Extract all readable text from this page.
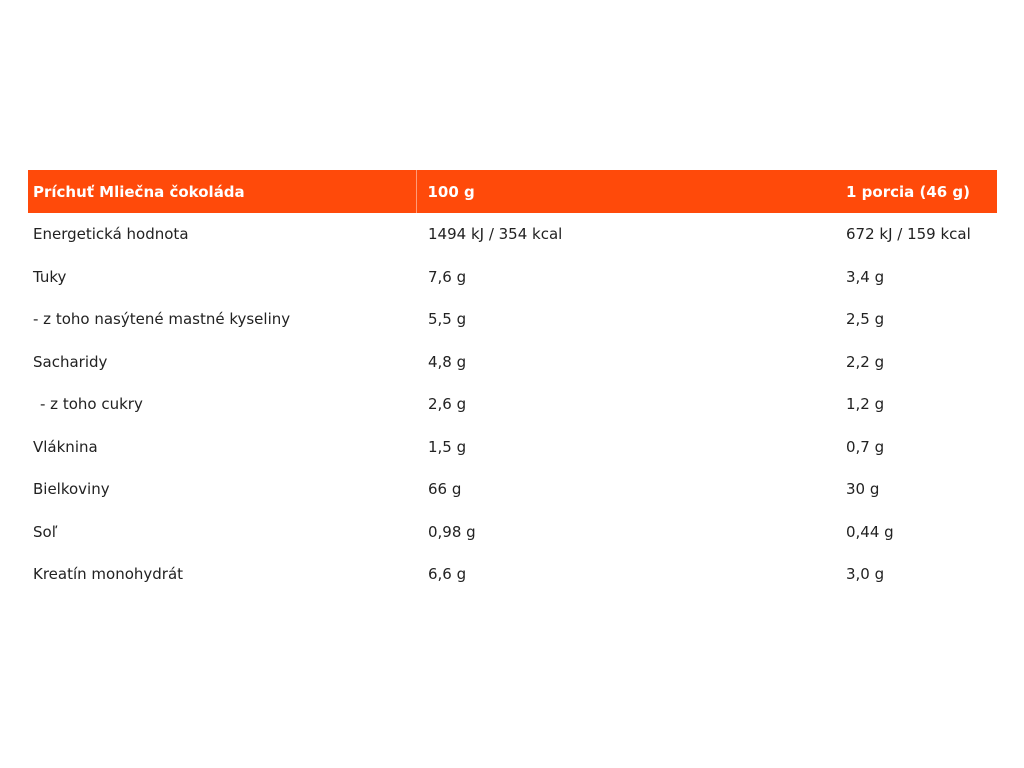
Príchuť Mliečna čokoláda	100 g	1 porcia (46 g)
Energetická hodnota	1494 kJ / 354 kcal	672 kJ / 159 kcal
Tuky	7,6 g	3,4 g
- z toho nasýtené mastné kyseliny	5,5 g	2,5 g
Sacharidy	4,8 g	2,2 g
- z toho cukry	2,6 g	1,2 g
Vláknina	1,5 g	0,7 g
Bielkoviny	66 g	30 g
Soľ	0,98 g	0,44 g
Kreatín monohydrát	6,6 g	3,0 g
